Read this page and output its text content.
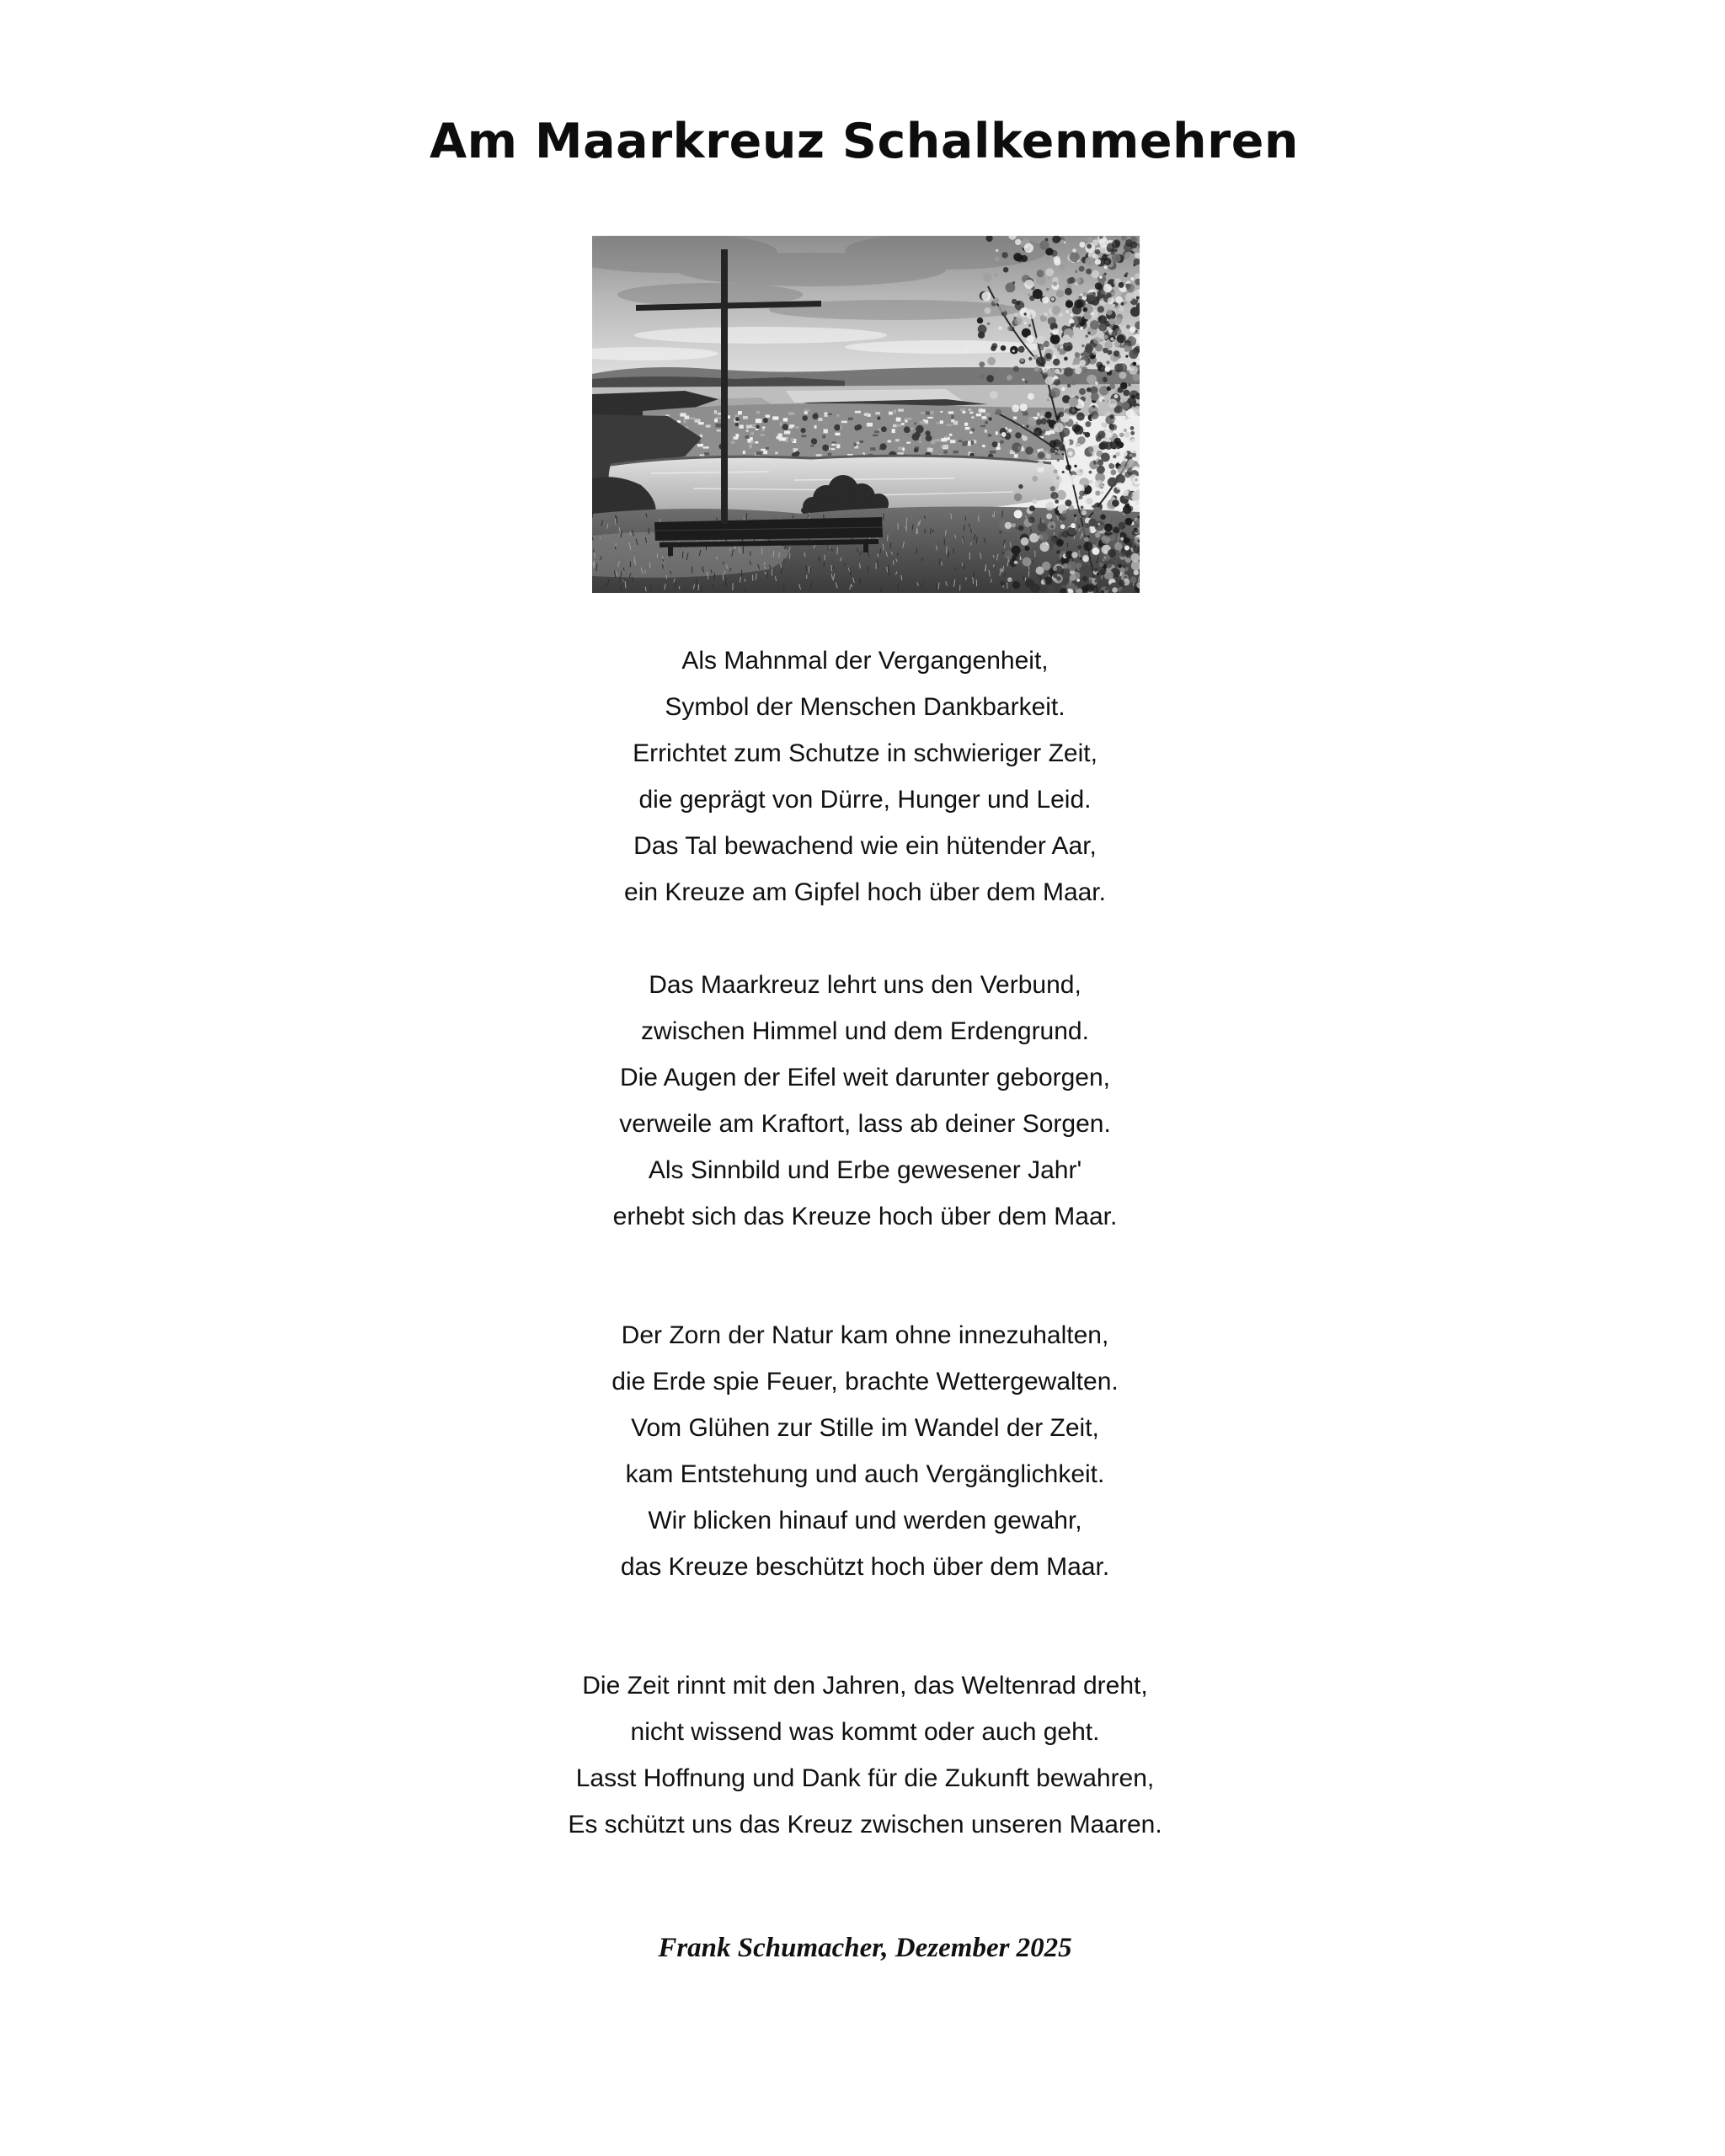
Am Maarkreuz Schalkenmehren

Als Mahnmal der Vergangenheit,

Symbol der Menschen Dankbarkeit.

Errichtet zum Schutze in schwieriger Zeit,

die geprägt von Dürre, Hunger und Leid.

Das Tal bewachend wie ein hütender Aar,

ein Kreuze am Gipfel hoch über dem Maar.

Das Maarkreuz lehrt uns den Verbund,

zwischen Himmel und dem Erdengrund.

Die Augen der Eifel weit darunter geborgen,

verweile am Kraftort, lass ab deiner Sorgen.

Als Sinnbild und Erbe gewesener Jahr'

erhebt sich das Kreuze hoch über dem Maar.

Der Zorn der Natur kam ohne innezuhalten,

die Erde spie Feuer, brachte Wettergewalten.

Vom Glühen zur Stille im Wandel der Zeit,

kam Entstehung und auch Vergänglichkeit.

Wir blicken hinauf und werden gewahr,

das Kreuze beschützt hoch über dem Maar.

Die Zeit rinnt mit den Jahren, das Weltenrad dreht,

nicht wissend was kommt oder auch geht.

Lasst Hoffnung und Dank für die Zukunft bewahren,

Es schützt uns das Kreuz zwischen unseren Maaren.

Frank Schumacher, Dezember 2025
